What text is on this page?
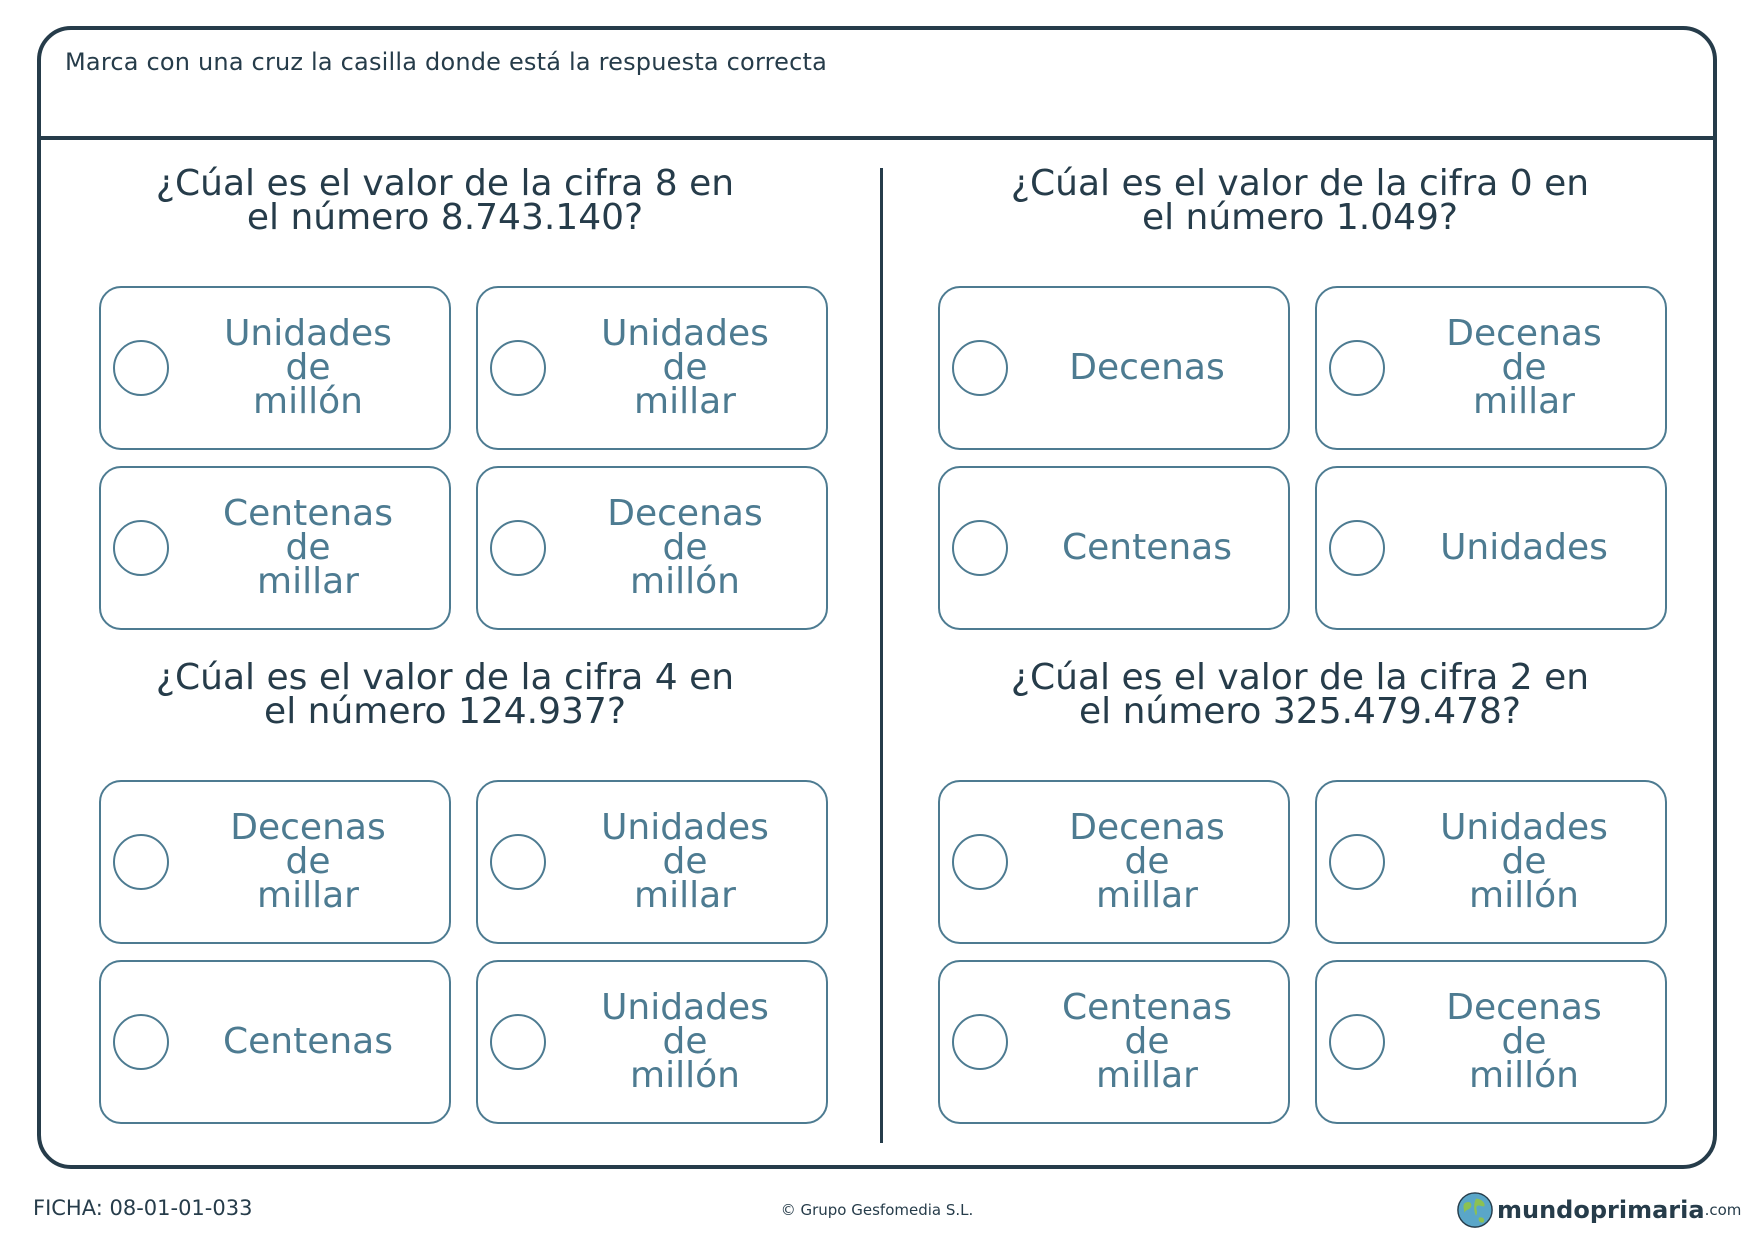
Marca con una cruz la casilla donde está la respuesta correcta
¿Cúal es el valor de la cifra 8 en
el número 8.743.140?
Unidades
de
millón
Unidades
de
millar
Centenas
de
millar
Decenas
de
millón
¿Cúal es el valor de la cifra 0 en
el número 1.049?
Decenas
Decenas
de
millar
Centenas	Unidades
¿Cúal es el valor de la cifra 4 en
el número 124.937?
Decenas
de
millar
Unidades
de
millar
Centenas
Unidades
de
millón
¿Cúal es el valor de la cifra 2 en
el número 325.479.478?
Decenas
de
millar
Unidades
de
millón
Centenas
de
millar
Decenas
de
millón
FICHA: 08-01-01-033	© Grupo Gesfomedia S.L.	mundoprimaria .com
